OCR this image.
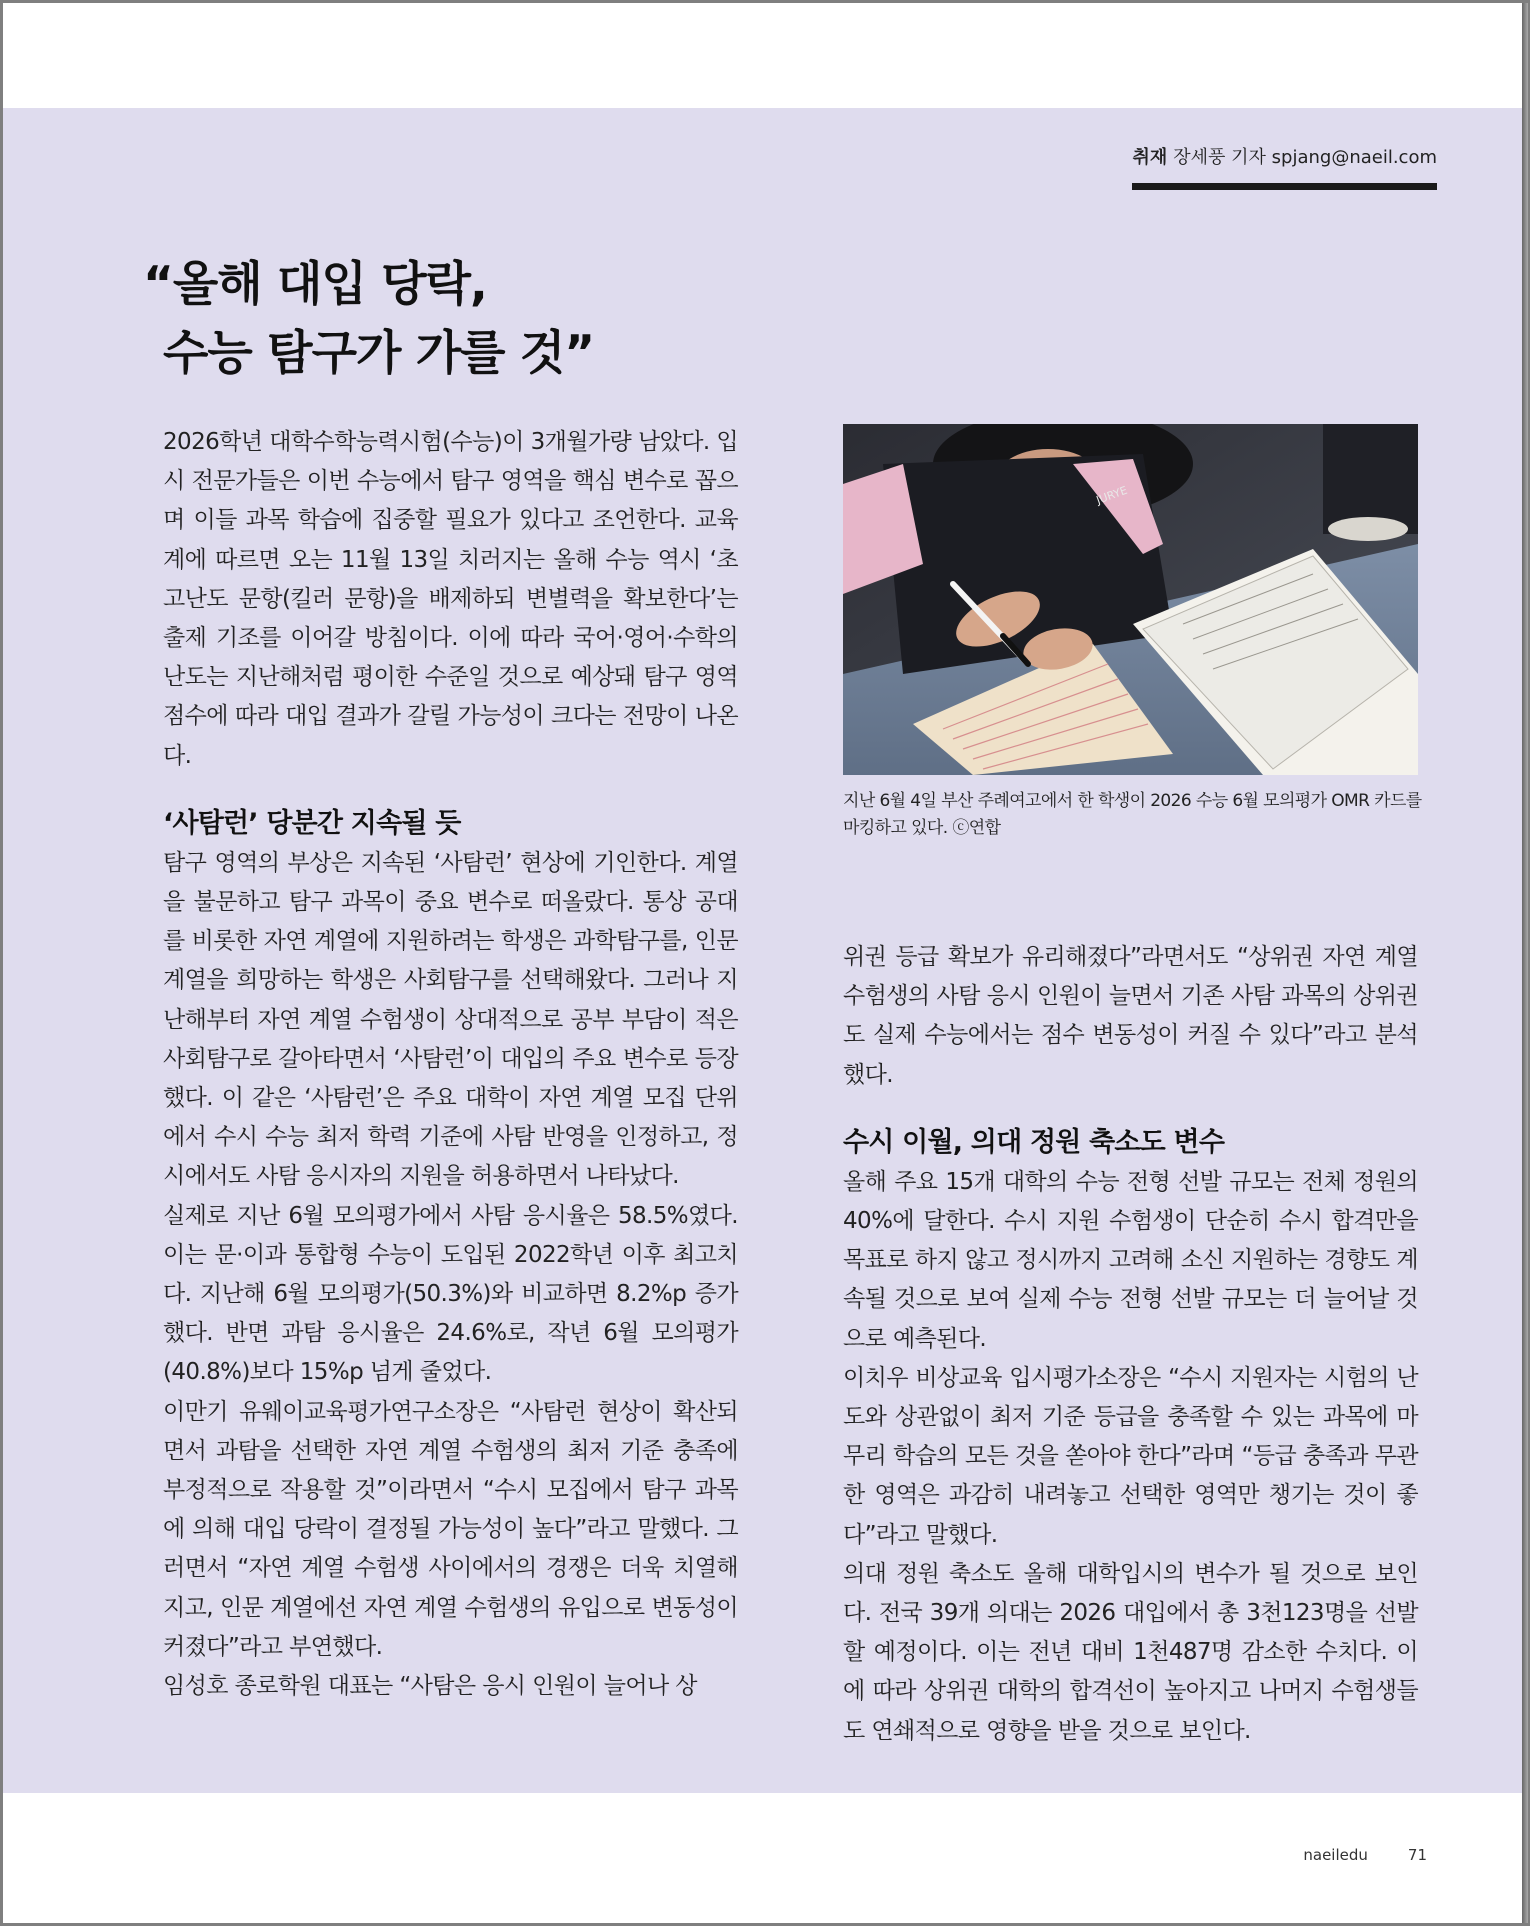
취재 장세풍 기자 spjang@naeil.com
“올해 대입 당락,
수능 탐구가 가를 것”

2026학년 대학수학능력시험(수능)이 3개월가량 남았다. 입시 전문가들은 이번 수능에서 탐구 영역을 핵심 변수로 꼽으며 이들 과목 학습에 집중할 필요가 있다고 조언한다. 교육계에 따르면 오는 11월 13일 치러지는 올해 수능 역시 ‘초고난도 문항(킬러 문항)을 배제하되 변별력을 확보한다’는 출제 기조를 이어갈 방침이다. 이에 따라 국어·영어·수학의 난도는 지난해처럼 평이한 수준일 것으로 예상돼 탐구 영역 점수에 따라 대입 결과가 갈릴 가능성이 크다는 전망이 나온다.

‘사탐런’ 당분간 지속될 듯

탐구 영역의 부상은 지속된 ‘사탐런’ 현상에 기인한다. 계열을 불문하고 탐구 과목이 중요 변수로 떠올랐다. 통상 공대를 비롯한 자연 계열에 지원하려는 학생은 과학탐구를, 인문 계열을 희망하는 학생은 사회탐구를 선택해왔다. 그러나 지난해부터 자연 계열 수험생이 상대적으로 공부 부담이 적은 사회탐구로 갈아타면서 ‘사탐런’이 대입의 주요 변수로 등장했다. 이 같은 ‘사탐런’은 주요 대학이 자연 계열 모집 단위에서 수시 수능 최저 학력 기준에 사탐 반영을 인정하고, 정시에서도 사탐 응시자의 지원을 허용하면서 나타났다.

실제로 지난 6월 모의평가에서 사탐 응시율은 58.5%였다. 이는 문·이과 통합형 수능이 도입된 2022학년 이후 최고치다. 지난해 6월 모의평가(50.3%)와 비교하면 8.2%p 증가했다. 반면 과탐 응시율은 24.6%로, 작년 6월 모의평가(40.8%)보다 15%p 넘게 줄었다.

이만기 유웨이교육평가연구소장은 “사탐런 현상이 확산되면서 과탐을 선택한 자연 계열 수험생의 최저 기준 충족에 부정적으로 작용할 것”이라면서 “수시 모집에서 탐구 과목에 의해 대입 당락이 결정될 가능성이 높다”라고 말했다. 그러면서 “자연 계열 수험생 사이에서의 경쟁은 더욱 치열해지고, 인문 계열에선 자연 계열 수험생의 유입으로 변동성이 커졌다”라고 부연했다.

임성호 종로학원 대표는 “사탐은 응시 인원이 늘어나 상

JURYE
지난 6월 4일 부산 주례여고에서 한 학생이 2026 수능 6월 모의평가 OMR 카드를 마킹하고 있다. ⓒ연합

위권 등급 확보가 유리해졌다”라면서도 “상위권 자연 계열 수험생의 사탐 응시 인원이 늘면서 기존 사탐 과목의 상위권도 실제 수능에서는 점수 변동성이 커질 수 있다”라고 분석했다.

수시 이월, 의대 정원 축소도 변수

올해 주요 15개 대학의 수능 전형 선발 규모는 전체 정원의 40%에 달한다. 수시 지원 수험생이 단순히 수시 합격만을 목표로 하지 않고 정시까지 고려해 소신 지원하는 경향도 계속될 것으로 보여 실제 수능 전형 선발 규모는 더 늘어날 것으로 예측된다.

이치우 비상교육 입시평가소장은 “수시 지원자는 시험의 난도와 상관없이 최저 기준 등급을 충족할 수 있는 과목에 마무리 학습의 모든 것을 쏟아야 한다”라며 “등급 충족과 무관한 영역은 과감히 내려놓고 선택한 영역만 챙기는 것이 좋다”라고 말했다.

의대 정원 축소도 올해 대학입시의 변수가 될 것으로 보인다. 전국 39개 의대는 2026 대입에서 총 3천123명을 선발할 예정이다. 이는 전년 대비 1천487명 감소한 수치다. 이에 따라 상위권 대학의 합격선이 높아지고 나머지 수험생들도 연쇄적으로 영향을 받을 것으로 보인다.

naeiledu	71
